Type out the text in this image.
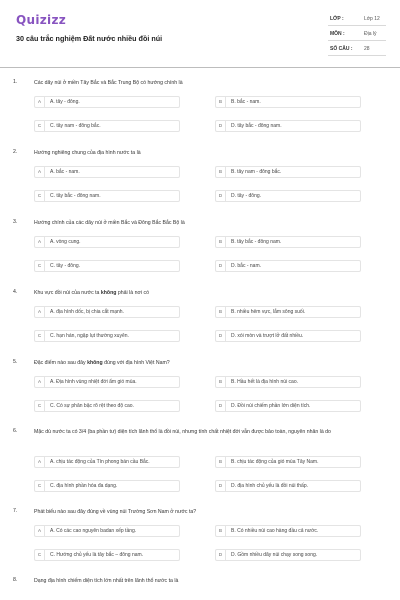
Quizizz
30 câu trắc nghiệm Đất nước nhiều đồi núi
LỚP :	Lớp 12
MÔN :	Địa lý
SỐ CÂU : 28
1.	Các dãy núi ở miền Tây Bắc và Bắc Trung Bộ có hướng chính là
A	A. tây - đông.	B	B. bắc - nam.
C	C. tây nam - đông bắc.	D	D. tây bắc - đông nam.
2.	Hướng nghiêng chung của địa hình nước ta là
A	A. bắc - nam.	B	B. tây nam - đông bắc.
C	C. tây bắc - đông nam.	D	D. tây - đông.
3.	Hướng chính của các dãy núi ở miền Bắc và Đông Bắc Bắc Bộ là
A	A. vòng cung.	B	B. tây bắc - đông nam.
C	C. tây - đông.	D	D. bắc - nam.
4.	Khu vực đồi núi của nước ta không phải là nơi có
A	A. địa hình dốc, bị chia cắt mạnh.	B	B. nhiều hẻm vực, lắm sông suối.
C	C. hạn hán, ngập lụt thường xuyên.	D	D. xói mòn và trượt lở đất nhiều.
5.	Đặc điểm nào sau đây không đúng với địa hình Việt Nam?
A	A. Địa hình vùng nhiệt đới ẩm gió mùa.	B	B. Hầu hết là địa hình núi cao.
C	C. Có sự phân bậc rõ rệt theo độ cao.	D	D. Đồi núi chiếm phần lớn diện tích.
6.	Mặc dù nước ta có 3/4 (ba phần tư) diện tích lãnh thổ là đồi núi, nhưng tính chất nhiệt đới vẫn được bảo toàn, nguyên nhân là do
A	A. chịu tác động của Tín phong bán cầu Bắc.	B	B. chịu tác động của gió mùa Tây Nam.
C	C. địa hình phần hóa đa dạng.	D	D. địa hình chủ yếu là đồi núi thấp.
7.	Phát biểu nào sau đây đúng về vùng núi Trường Sơn Nam ở nước ta?
A	A. Có các cao nguyên badan xếp tầng.	B	B. Có nhiều núi cao hàng đầu cả nước.
C	C. Hướng chủ yếu là tây bắc – đông nam.	D	D. Gồm nhiều dãy núi chạy song song.
8.	Dạng địa hình chiếm diện tích lớn nhất trên lãnh thổ nước ta là
